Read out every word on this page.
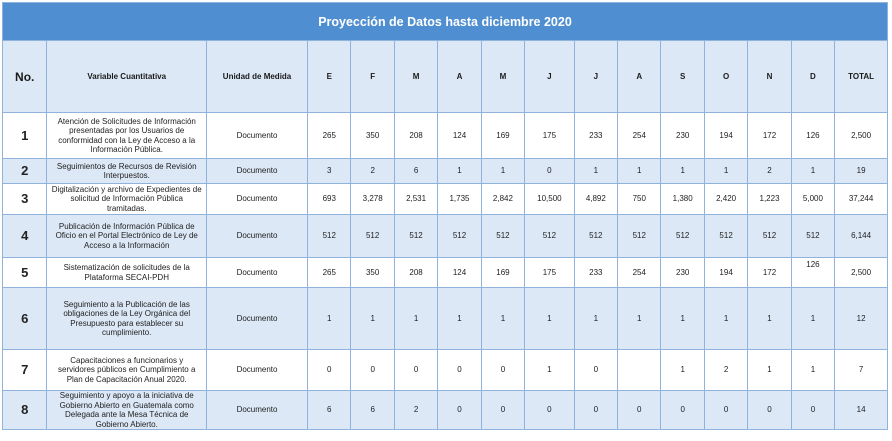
Proyección de Datos hasta diciembre 2020															
No.	Variable Cuantitativa	Unidad de Medida	E	F	M	A	M	J	J	A	S	O	N	D	TOTAL
1	Atención de Solicitudes de Información presentadas por los Usuarios de conformidad con la Ley de Acceso a la Información Pública.	Documento	265	350	208	124	169	175	233	254	230	194	172	126	2,500
2	Seguimientos de Recursos de Revisión Interpuestos.	Documento	3	2	6	1	1	0	1	1	1	1	2	1	19
3	Digitalización y archivo de Expedientes de solicitud de Información Pública tramitadas.	Documento	693	3,278	2,531	1,735	2,842	10,500	4,892	750	1,380	2,420	1,223	5,000	37,244
4	Publicación de Información Pública de Oficio en el Portal Electrónico de Ley de Acceso a la Información	Documento	512	512	512	512	512	512	512	512	512	512	512	512	6,144
5	Sistematización de solicitudes de la Plataforma SECAI-PDH	Documento	265	350	208	124	169	175	233	254	230	194	172	126	2,500
6	Seguimiento a la Publicación de las obligaciones de la Ley Orgánica del Presupuesto para establecer su cumplimiento.	Documento	1	1	1	1	1	1	1	1	1	1	1	1	12
7	Capacitaciones a funcionarios y servidores públicos en Cumplimiento a Plan de Capacitación Anual 2020.	Documento	0	0	0	0	0	1	0		1	2	1	1	7
8	Seguimiento y apoyo a la iniciativa de Gobierno Abierto en Guatemala como Delegada ante la Mesa Técnica de Gobierno Abierto.	Documento	6	6	2	0	0	0	0	0	0	0	0	0	14
